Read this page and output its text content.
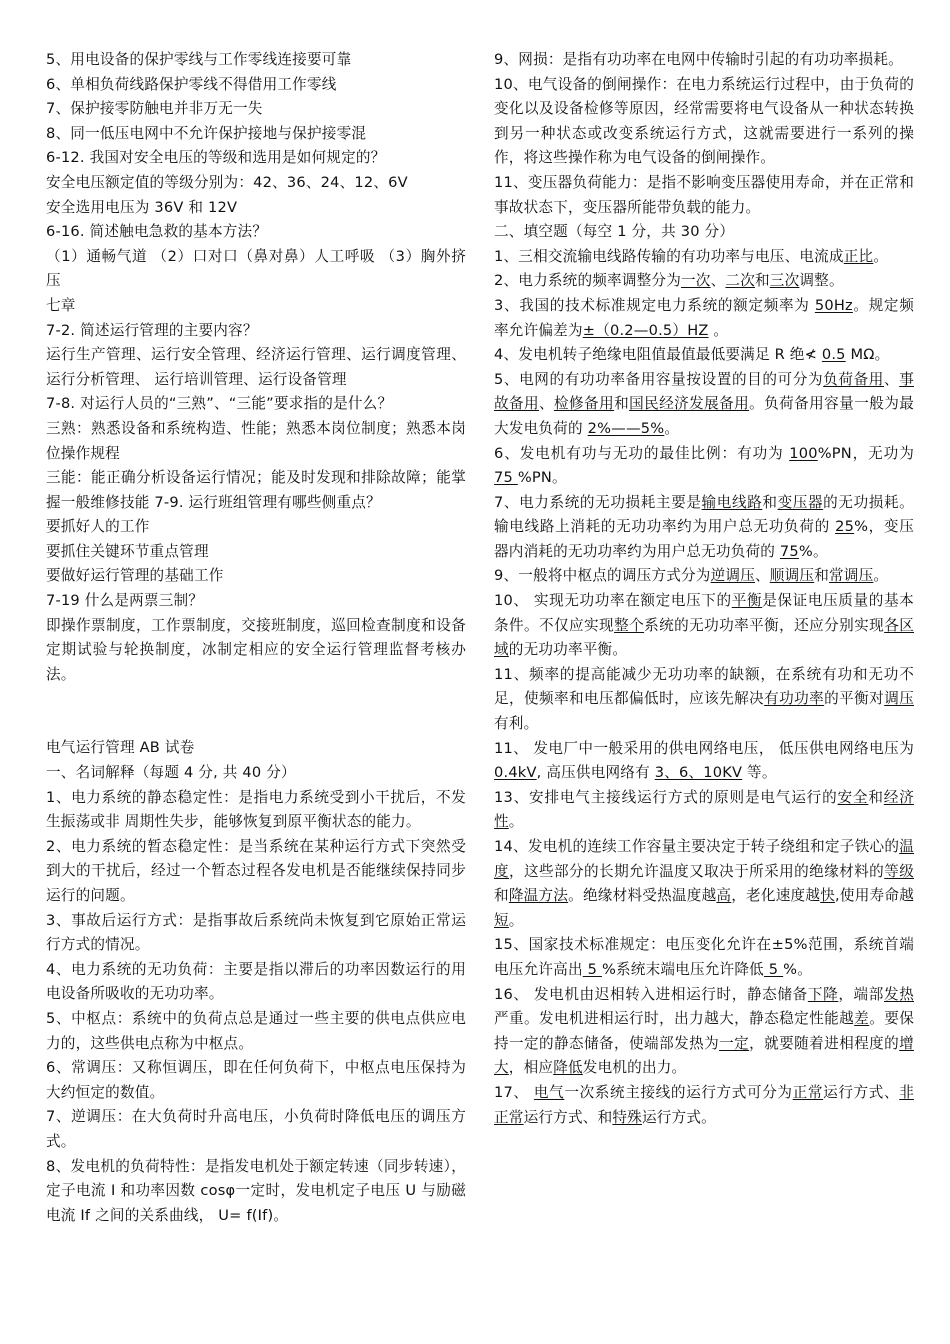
5、用电设备的保护零线与工作零线连接要可靠

6、单相负荷线路保护零线不得借用工作零线

7、保护接零防触电并非万无一失

8、同一低压电网中不允许保护接地与保护接零混

6-12. 我国对安全电压的等级和选用是如何规定的？

安全电压额定值的等级分别为：42、36、24、12、6V

安全选用电压为 36V 和 12V

6-16. 简述触电急救的基本方法？

（1）通畅气道 （2）口对口（鼻对鼻）人工呼吸 （3）胸外挤压

七章

7-2. 简述运行管理的主要内容？

运行生产管理、运行安全管理、经济运行管理、运行调度管理、运行分析管理、 运行培训管理、运行设备管理

7-8. 对运行人员的“三熟”、“三能”要求指的是什么？

三熟：熟悉设备和系统构造、性能；熟悉本岗位制度；熟悉本岗位操作规程

三能：能正确分析设备运行情况；能及时发现和排除故障；能掌握一般维修技能 7-9. 运行班组管理有哪些侧重点？

要抓好人的工作

要抓住关键环节重点管理

要做好运行管理的基础工作

7-19 什么是两票三制？

即操作票制度，工作票制度，交接班制度，巡回检查制度和设备定期试验与轮换制度，冰制定相应的安全运行管理监督考核办法。

电气运行管理 AB 试卷

一、名词解释（每题 4 分, 共 40 分）

1、电力系统的静态稳定性：是指电力系统受到小干扰后，不发生振荡或非 周期性失步，能够恢复到原平衡状态的能力。

2、电力系统的暂态稳定性：是当系统在某种运行方式下突然受到大的干扰后，经过一个暂态过程各发电机是否能继续保持同步运行的问题。

3、事故后运行方式：是指事故后系统尚未恢复到它原始正常运行方式的情况。

4、电力系统的无功负荷：主要是指以滞后的功率因数运行的用电设备所吸收的无功功率。

5、中枢点：系统中的负荷点总是通过一些主要的供电点供应电力的，这些供电点称为中枢点。

6、常调压：又称恒调压，即在任何负荷下，中枢点电压保持为大约恒定的数值。

7、逆调压：在大负荷时升高电压，小负荷时降低电压的调压方式。

8、发电机的负荷特性：是指发电机处于额定转速（同步转速），定子电流 I 和功率因数 cosφ一定时，发电机定子电压 U 与励磁电流 If 之间的关系曲线， U= f(If)。

9、网损：是指有功功率在电网中传输时引起的有功功率损耗。

10、电气设备的倒闸操作：在电力系统运行过程中，由于负荷的变化以及设备检修等原因，经常需要将电气设备从一种状态转换到另一种状态或改变系统运行方式，这就需要进行一系列的操作，将这些操作称为电气设备的倒闸操作。

11、变压器负荷能力：是指不影响变压器使用寿命，并在正常和事故状态下，变压器所能带负载的能力。

二、填空题（每空 1 分，共 30 分）

1、三相交流输电线路传输的有功功率与电压、电流成正比。

2、电力系统的频率调整分为一次、二次和三次调整。

3、我国的技术标准规定电力系统的额定频率为 50Hz。规定频率允许偏差为±（0.2—0.5）HZ 。

4、发电机转子绝缘电阻值最值最低要满足 R 绝≮ 0.5 MΩ。

5、电网的有功功率备用容量按设置的目的可分为负荷备用、事故备用、检修备用和国民经济发展备用。负荷备用容量一般为最大发电负荷的 2%——5%。

6、发电机有功与无功的最佳比例：有功为 100%PN，无功为 75 %PN。

7、电力系统的无功损耗主要是输电线路和变压器的无功损耗。输电线路上消耗的无功功率约为用户总无功负荷的 25%，变压器内消耗的无功功率约为用户总无功负荷的 75%。

9、一般将中枢点的调压方式分为逆调压、顺调压和常调压。

10、 实现无功功率在额定电压下的平衡是保证电压质量的基本条件。不仅应实现整个系统的无功功率平衡，还应分别实现各区域的无功功率平衡。

11、频率的提高能减少无功功率的缺额，在系统有功和无功不足，使频率和电压都偏低时，应该先解决有功功率的平衡对调压有利。

11、 发电厂中一般采用的供电网络电压， 低压供电网络电压为 0.4kV, 高压供电网络有 3、6、10KV 等。

13、安排电气主接线运行方式的原则是电气运行的安全和经济性。

14、发电机的连续工作容量主要决定于转子绕组和定子铁心的温度，这些部分的长期允许温度又取决于所采用的绝缘材料的等级和降温方法。绝缘材料受热温度越高，老化速度越快,使用寿命越短。

15、国家技术标准规定：电压变化允许在±5%范围，系统首端电压允许高出 5 %系统末端电压允许降低 5 %。

16、 发电机由迟相转入进相运行时，静态储备下降，端部发热严重。发电机进相运行时，出力越大，静态稳定性能越差。要保持一定的静态储备，使端部发热为一定，就要随着进相程度的增大，相应降低发电机的出力。

17、 电气一次系统主接线的运行方式可分为正常运行方式、非正常运行方式、和特殊运行方式。
